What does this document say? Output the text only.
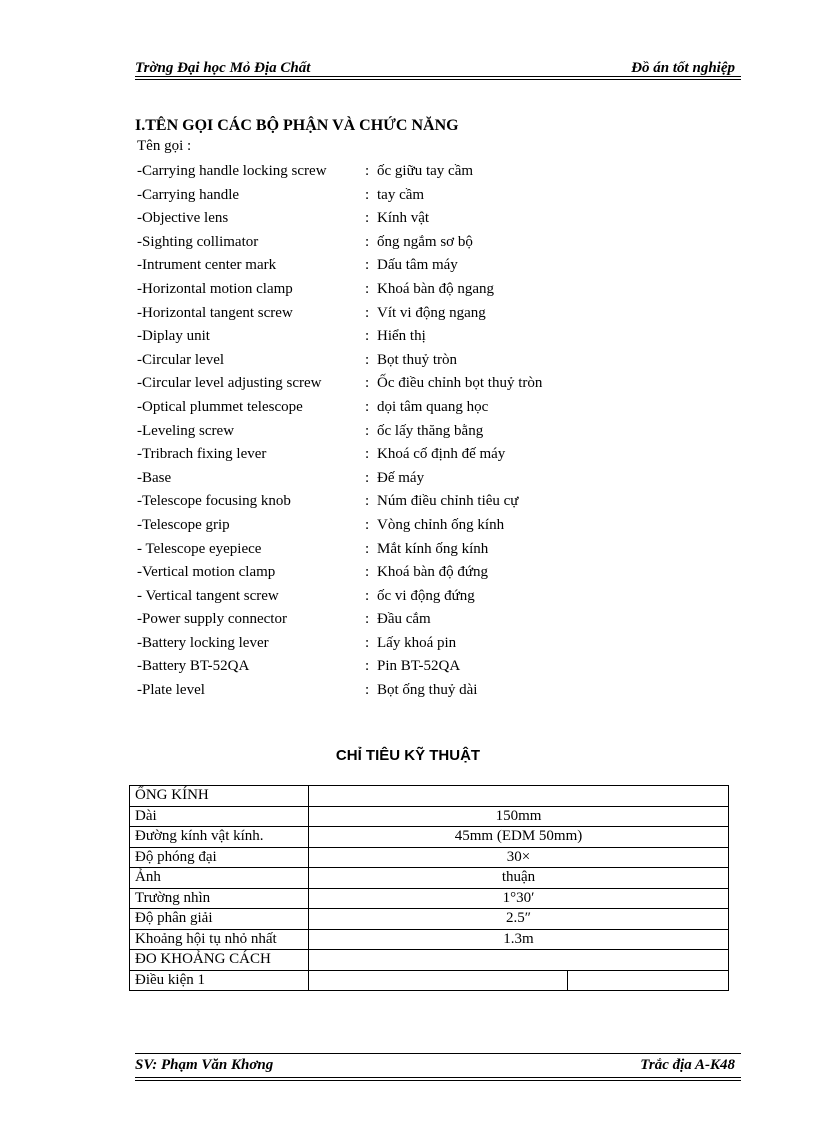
Trờng Đại học Mỏ Địa Chất	Đồ án tốt nghiệp
I.TÊN GỌI CÁC BỘ PHẬN VÀ CHỨC NĂNG
Tên gọi :
-Carrying handle locking screw	: ốc giữu tay cầm
-Carrying handle	: tay cầm
-Objective lens	: Kính vật
-Sighting collimator	: ống ngắm sơ bộ
-Intrument center mark	: Dấu tâm máy
-Horizontal motion clamp	: Khoá bàn độ ngang
-Horizontal tangent screw	: Vít vi động ngang
-Diplay unit	: Hiển thị
-Circular level	: Bọt thuỷ tròn
-Circular level adjusting screw	: Ốc điều chỉnh bọt thuỷ tròn
-Optical plummet telescope	: dọi tâm quang học
-Leveling screw	: ốc lấy thăng bằng
-Tribrach fixing lever	: Khoá cố định đế máy
-Base	: Đế máy
-Telescope focusing knob	: Núm điều chỉnh tiêu cự
-Telescope grip	: Vòng chỉnh ống kính
- Telescope eyepiece	: Mắt kính ống kính
-Vertical motion clamp	: Khoá bàn độ đứng
- Vertical tangent screw	: ốc vi động đứng
-Power supply connector	: Đầu cắm
-Battery locking lever	: Lấy khoá pin
-Battery BT-52QA	: Pin BT-52QA
-Plate level	: Bọt ống thuỷ dài
CHỈ TIÊU KỸ THUẬT
ỐNG KÍNH		
Dài	150mm	
Đường kính vật kính.	45mm (EDM 50mm)	
Độ phóng đại	30×	
Ảnh	thuận	
Trường nhìn	1°30′	
Độ phân giải	2.5″	
Khoảng hội tụ nhỏ nhất	1.3m	
ĐO KHOẢNG CÁCH		
Điều kiện 1		
SV: Phạm Văn Khơng	Trắc địa A-K48
